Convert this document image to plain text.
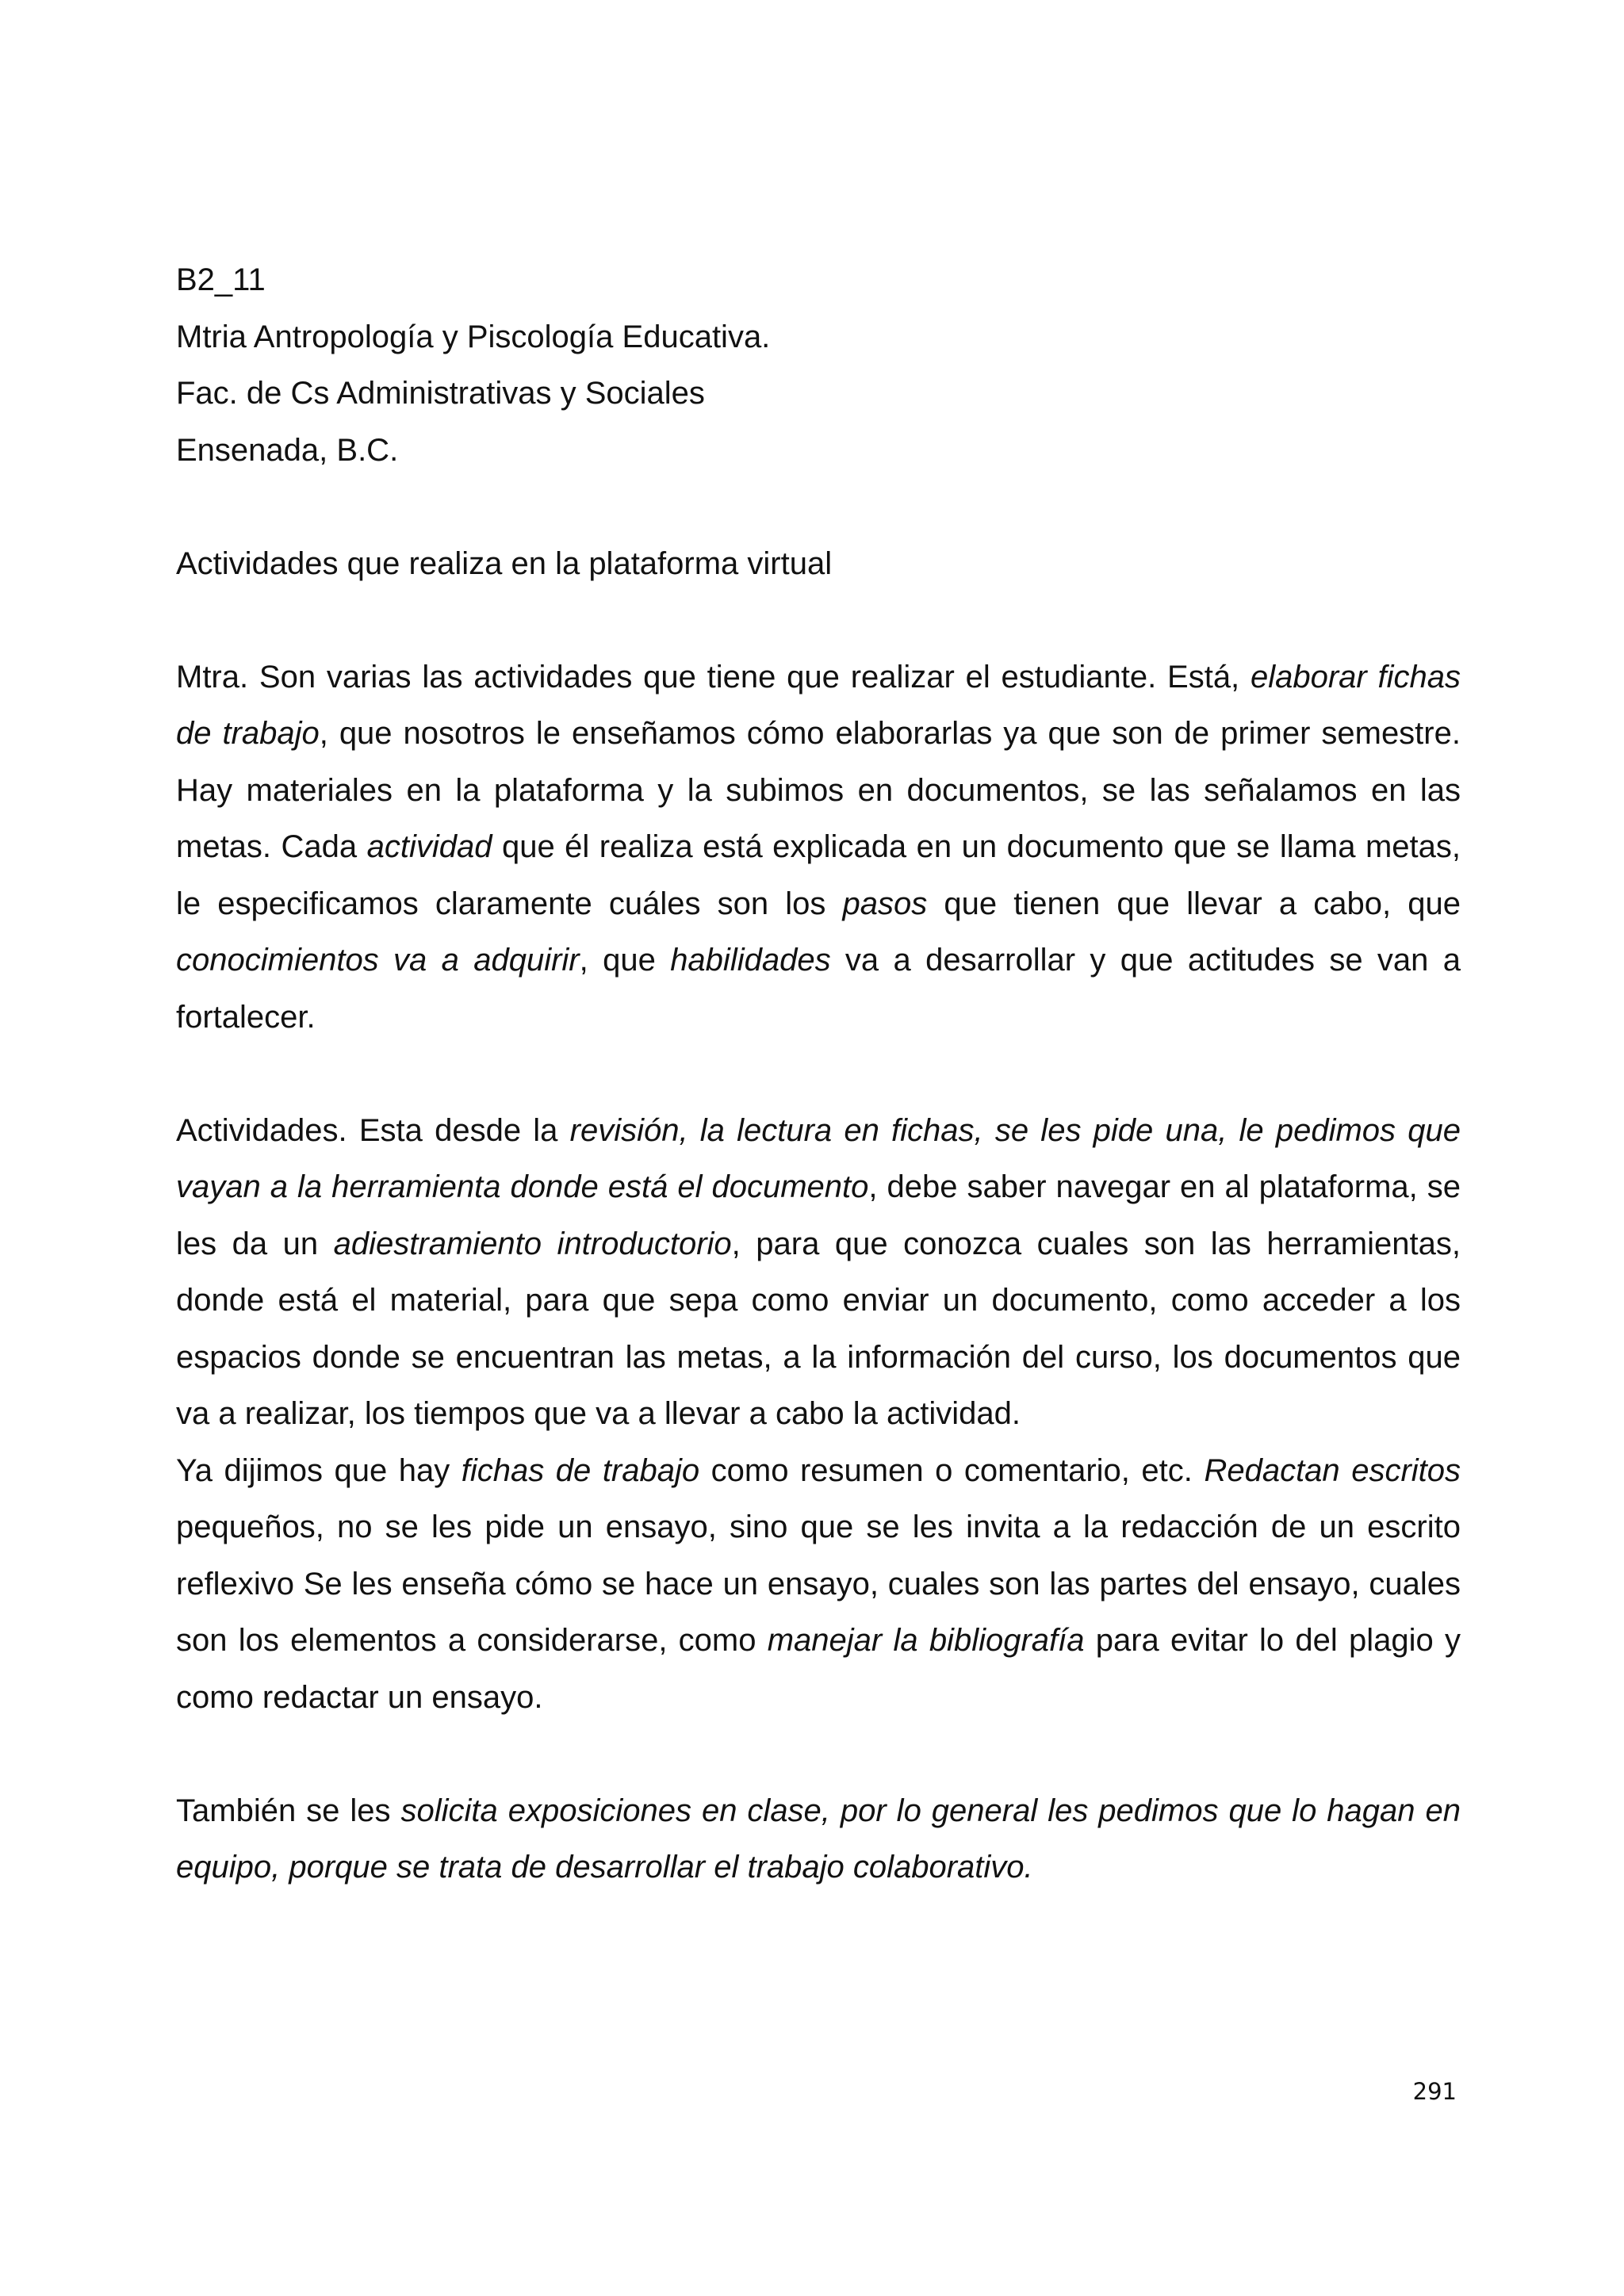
B2_11
Mtria Antropología y Piscología Educativa.
Fac. de Cs Administrativas y Sociales
Ensenada, B.C.
Actividades que realiza en la plataforma virtual

Mtra. Son varias las actividades que tiene que realizar el estudiante. Está, elaborar fichas de trabajo, que nosotros le enseñamos cómo elaborarlas ya que son de primer semestre. Hay materiales en la plataforma y la subimos en documentos, se las señalamos en las metas. Cada actividad que él realiza está explicada en un documento que se llama metas, le especificamos claramente cuáles son los pasos que tienen que llevar a cabo, que conocimientos va a adquirir, que habilidades va a desarrollar y que actitudes se van a fortalecer.

Actividades. Esta desde la revisión, la lectura en fichas, se les pide una, le pedimos que vayan a la herramienta donde está el documento, debe saber navegar en al plataforma, se les da un adiestramiento introductorio, para que conozca cuales son las herramientas, donde está el material, para que sepa como enviar un documento, como acceder a los espacios donde se encuentran las metas, a la información del curso, los documentos que va a realizar, los tiempos que va a llevar a cabo la actividad.

Ya dijimos que hay fichas de trabajo como resumen o comentario, etc. Redactan escritos pequeños, no se les pide un ensayo, sino que se les invita a la redacción de un escrito reflexivo Se les enseña cómo se hace un ensayo, cuales son las partes del ensayo, cuales son los elementos a considerarse, como manejar la bibliografía para evitar lo del plagio y como redactar un ensayo.

También se les solicita exposiciones en clase, por lo general les pedimos que lo hagan en equipo, porque se trata de desarrollar el trabajo colaborativo.

291
